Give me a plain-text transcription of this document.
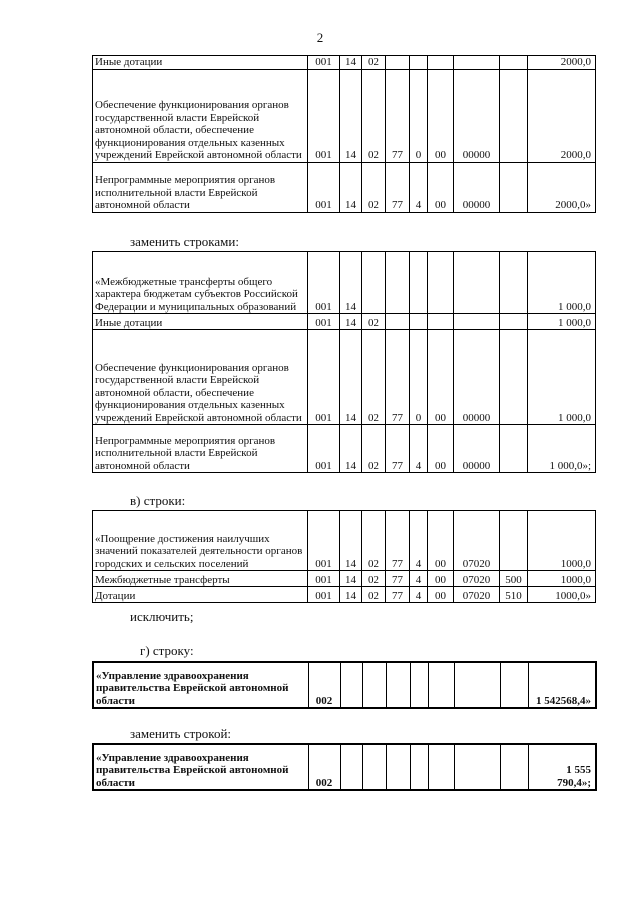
2
Иные дотации	001	14	02						2000,0
Обеспечение функционирования органов государственной власти Еврейской автономной области, обеспечение функционирования отдельных казенных учреждений Еврейской автономной области	001	14	02	77	0	00	00000		2000,0
Непрограммные мероприятия органов исполнительной власти Еврейской автономной области	001	14	02	77	4	00	00000		2000,0»
заменить строками:
«Межбюджетные трансферты общего характера бюджетам субъектов Российской Федерации и муниципальных образований	001	14							1 000,0
Иные дотации	001	14	02						1 000,0
Обеспечение функционирования органов государственной власти Еврейской автономной области, обеспечение функционирования отдельных казенных учреждений Еврейской автономной области	001	14	02	77	0	00	00000		1 000,0
Непрограммные мероприятия органов исполнительной власти Еврейской автономной области	001	14	02	77	4	00	00000		1 000,0»;
в) строки:
«Поощрение достижения наилучших значений показателей деятельности органов городских и сельских поселений	001	14	02	77	4	00	07020		1000,0
Межбюджетные трансферты	001	14	02	77	4	00	07020	500	1000,0
Дотации	001	14	02	77	4	00	07020	510	1000,0»
исключить;
г) строку:
«Управление здравоохранения правительства Еврейской автономной области	002								1 542568,4»
заменить строкой:
«Управление здравоохранения правительства Еврейской автономной области	002								1 555 790,4»;
